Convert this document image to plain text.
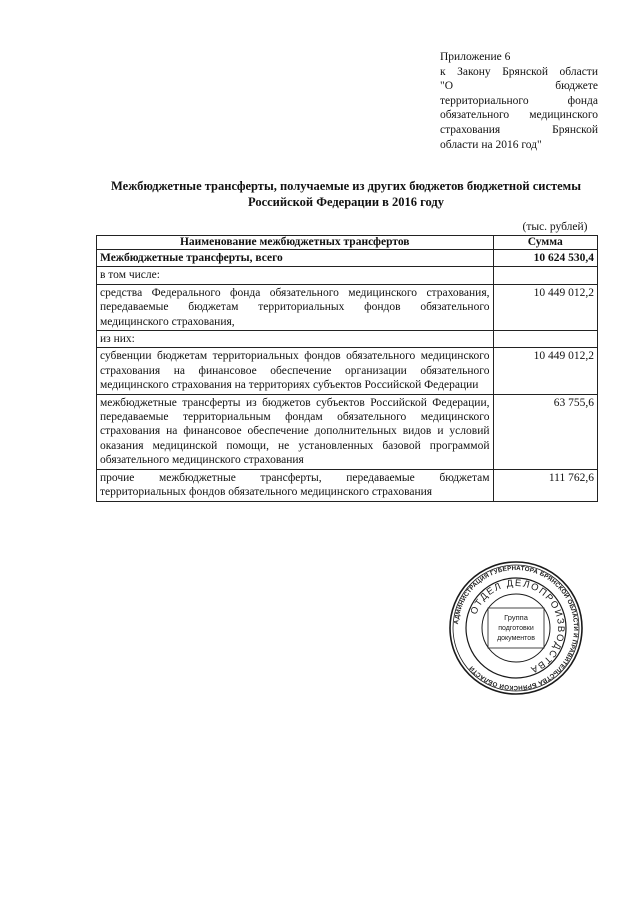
Приложение 6
к Закону Брянской области
"О бюджете
территориального фонда
обязательного медицинского
страхования Брянской
области на 2016 год"
Межбюджетные трансферты, получаемые из других бюджетов бюджетной системы
Российской Федерации в 2016 году
(тыс. рублей)
Наименование межбюджетных трансфертов	Сумма
Межбюджетные трансферты, всего	10 624 530,4
в том числе:	
средства Федерального фонда обязательного медицинского страхования, передаваемые бюджетам территориальных фондов обязательного медицинского страхования,	10 449 012,2
из них:	
субвенции бюджетам территориальных фондов обязательного медицинского страхования на финансовое обеспечение организации обязательного медицинского страхования на территориях субъектов Российской Федерации	10 449 012,2
межбюджетные трансферты из бюджетов субъектов Российской Федерации, передаваемые территориальным фондам обязательного медицинского страхования на финансовое обеспечение дополнительных видов и условий оказания медицинской помощи, не установленных базовой программой обязательного медицинского страхования	63 755,6
прочие межбюджетные трансферты, передаваемые бюджетам территориальных фондов обязательного медицинского страхования	111 762,6
АДМИНИСТРАЦИЯ ГУБЕРНАТОРА БРЯНСКОЙ ОБЛАСТИ И ПРАВИТЕЛЬСТВА БРЯНСКОЙ ОБЛАСТИ
ОТДЕЛ ДЕЛОПРОИЗВОДСТВА
Группа
подготовки
документов
